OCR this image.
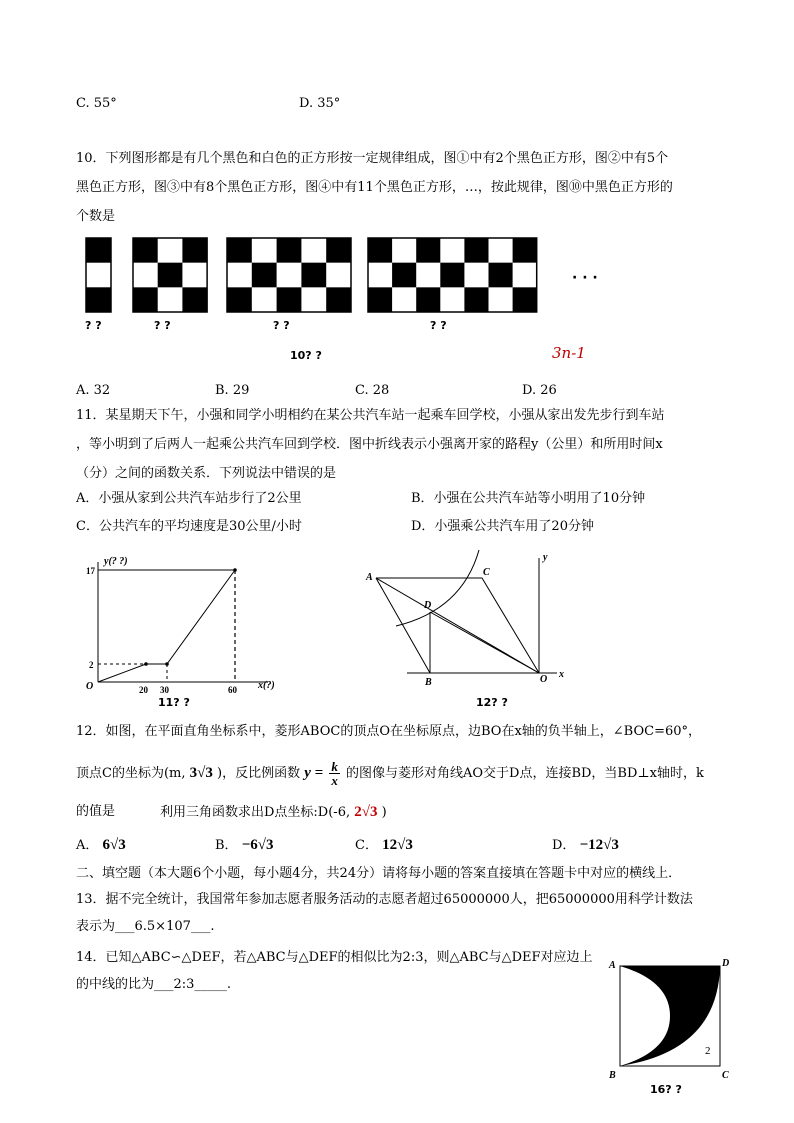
C. 55°	D. 35°
10．下列图形都是有几个黑色和白色的正方形按一定规律组成，图①中有2个黑色正方形，图②中有5个
黑色正方形，图③中有8个黑色正方形，图④中有11个黑色正方形，…，按此规律，图⑩中黑色正方形的
个数是
? ?	? ?	? ?	? ?
· · ·
10? ?	3n-1
A. 32	B. 29	C. 28	D. 26
11．某星期天下午，小强和同学小明相约在某公共汽车站一起乘车回学校，小强从家出发先步行到车站
，等小明到了后两人一起乘公共汽车回到学校．图中折线表示小强离开家的路程y（公里）和所用时间x
（分）之间的函数关系．下列说法中错误的是
A．小强从家到公共汽车站步行了2公里	B．小强在公共汽车站等小明用了10分钟
C．公共汽车的平均速度是30公里/小时	D．小强乘公共汽车用了20分钟
y(? ?)
x(?)
O
17
2
20 30	60
11? ?
A	C
D
B	O x
y
12? ?
12．如图，在平面直角坐标系中，菱形ABOC的顶点O在坐标原点，边BO在x轴的负半轴上，∠BOC=60°，
顶点C的坐标为(m, 3√3 )，反比例函数 $y = \frac{k}{x}$ 的图像与菱形对角线AO交于D点，连接BD，当BD⊥x轴时，k
的值是	利用三角函数求出D点坐标:D(-6, 2√3 )
A． 6√3	B． −6√3	C． 12√3	D． −12√3
二、填空题（本大题6个小题，每小题4分，共24分）请将每小题的答案直接填在答题卡中对应的横线上．
13．据不完全统计，我国常年参加志愿者服务活动的志愿者超过65000000人，把65000000用科学计数法
表示为___6.5×107___.
14．已知△ABC∽△DEF，若△ABC与△DEF的相似比为2:3，则△ABC与△DEF对应边上
的中线的比为___2:3_____.
A	D
B	C
2
16? ?
